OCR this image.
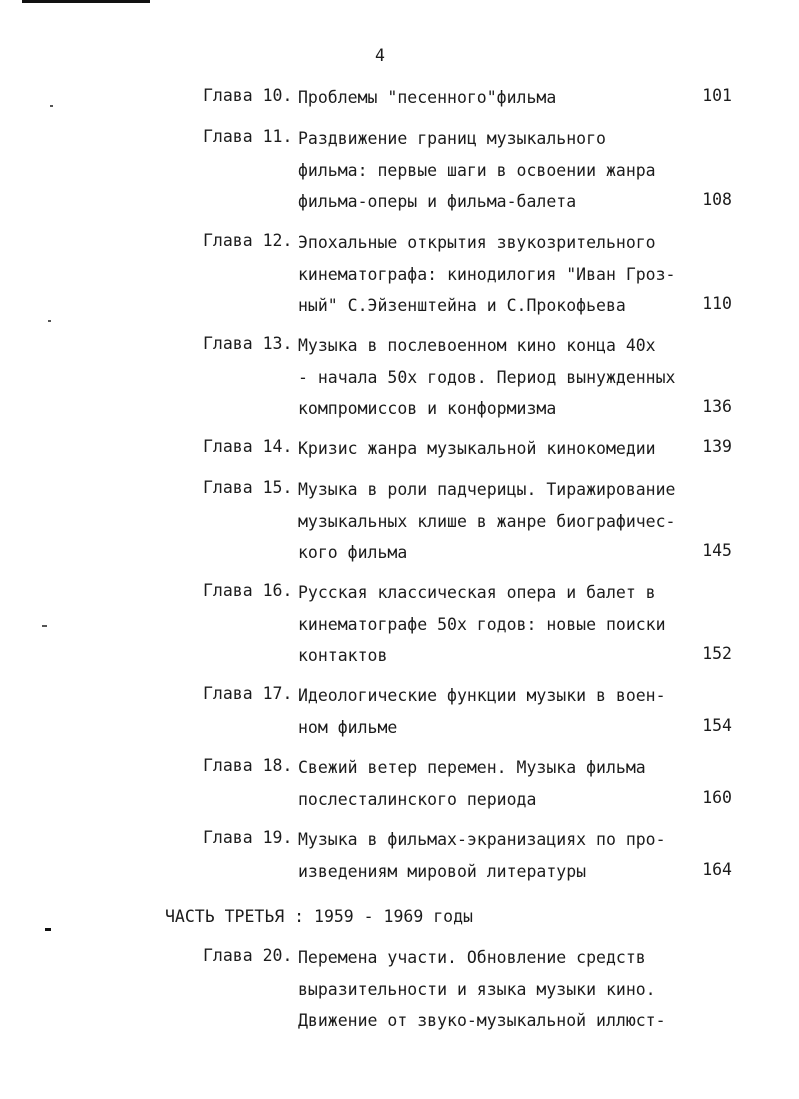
4
Глава 10. Проблемы "песенного"фильма	101
Глава 11. Раздвижение границ музыкального
фильма: первые шаги в освоении жанра
фильма-оперы и фильма-балета	108
Глава 12. Эпохальные открытия звукозрительного
кинематографа: кинодилогия "Иван Гроз-
ный" С.Эйзенштейна и С.Прокофьева	110
Глава 13. Музыка в послевоенном кино конца 40х
- начала 50х годов. Период вынужденных
компромиссов и конформизма	136
Глава 14. Кризис жанра музыкальной кинокомедии	139
Глава 15. Музыка в роли падчерицы. Тиражирование
музыкальных клише в жанре биографичес-
кого фильма	145
Глава 16. Русская классическая опера и балет в
кинематографе 50х годов: новые поиски
контактов	152
Глава 17. Идеологические функции музыки в воен-
ном фильме	154
Глава 18. Свежий ветер перемен. Музыка фильма
послесталинского периода	160
Глава 19. Музыка в фильмах-экранизациях по про-
изведениям мировой литературы	164
Глава 20. Перемена участи. Обновление средств
выразительности и языка музыки кино.
Движение от звуко-музыкальной иллюст-
ЧАСТЬ ТРЕТЬЯ : 1959 - 1969 годы
